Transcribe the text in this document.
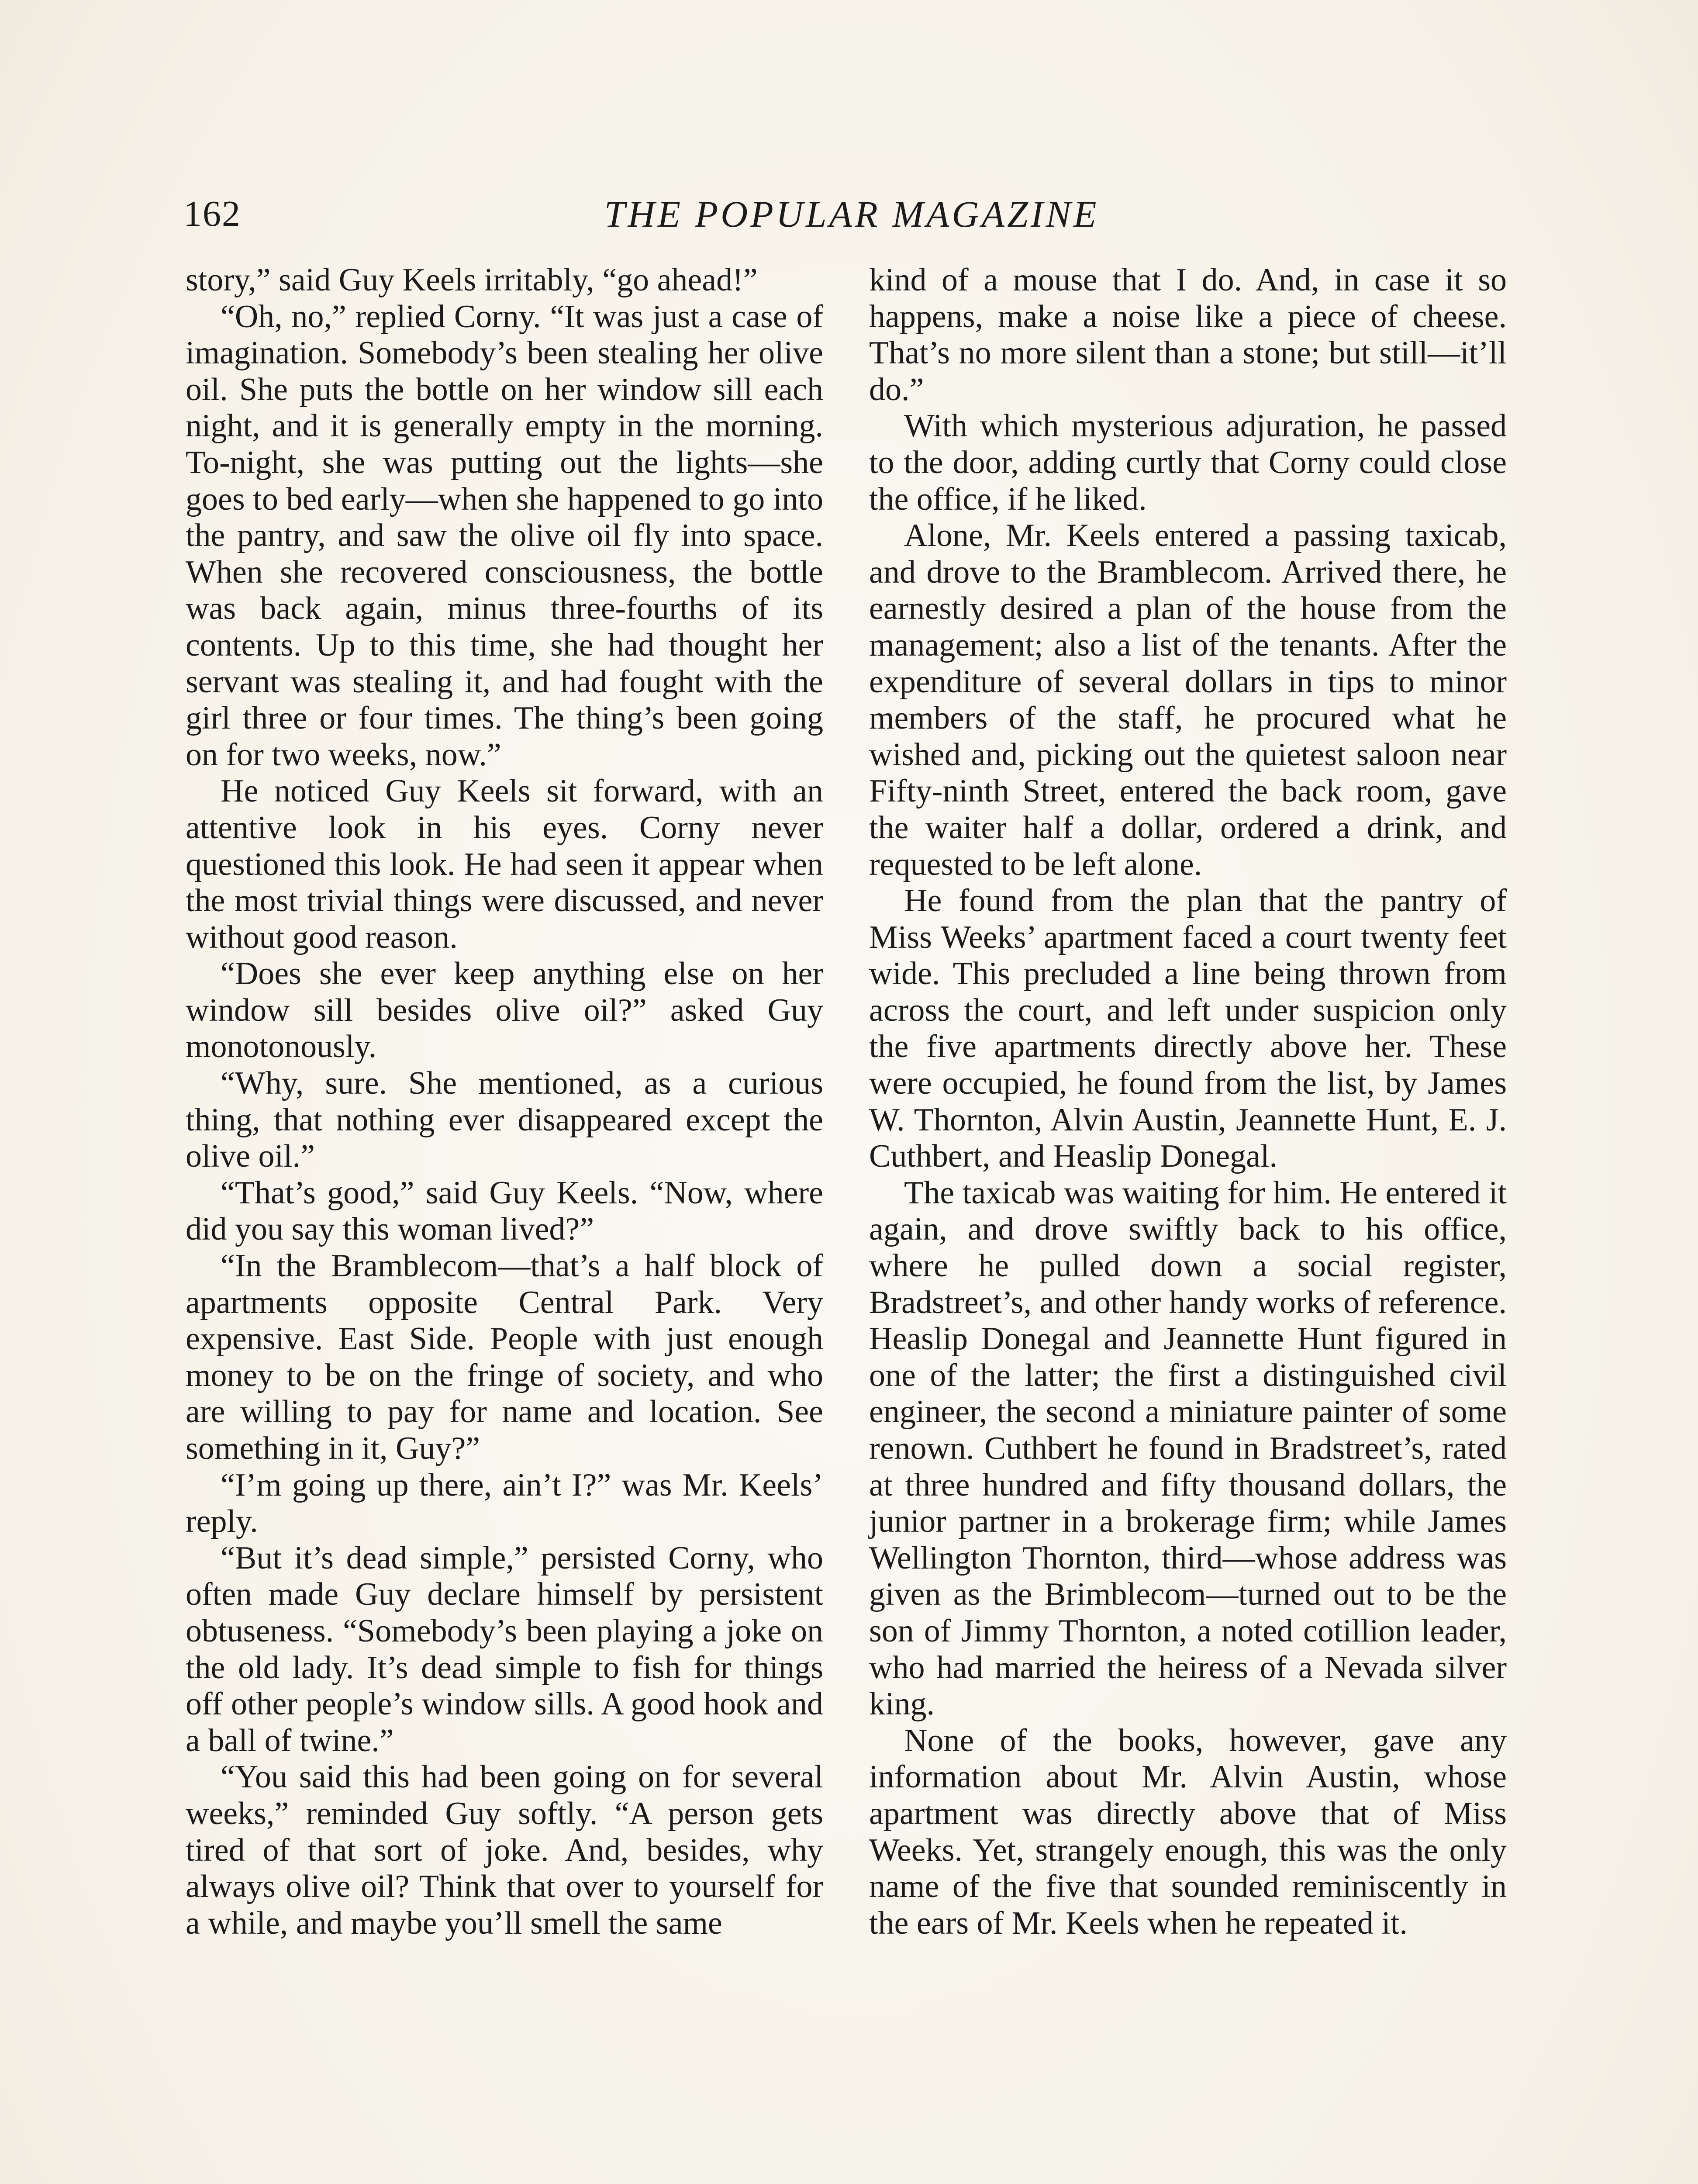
162	THE POPULAR MAGAZINE

story,” said Guy Keels irritably, “go ahead!”

“Oh, no,” replied Corny. “It was just a case of imagination. Somebody’s been stealing her olive oil. She puts the bottle on her window sill each night, and it is generally empty in the morning. To-night, she was putting out the lights—she goes to bed early—when she happened to go into the pantry, and saw the olive oil fly into space. When she recovered consciousness, the bottle was back again, minus three-fourths of its contents. Up to this time, she had thought her servant was stealing it, and had fought with the girl three or four times. The thing’s been going on for two weeks, now.”

He noticed Guy Keels sit forward, with an attentive look in his eyes. Corny never questioned this look. He had seen it appear when the most trivial things were discussed, and never without good reason.

“Does she ever keep anything else on her window sill besides olive oil?” asked Guy monotonously.

“Why, sure. She mentioned, as a curious thing, that nothing ever disappeared except the olive oil.”

“That’s good,” said Guy Keels. “Now, where did you say this woman lived?”

“In the Bramblecom—that’s a half block of apartments opposite Central Park. Very expensive. East Side. People with just enough money to be on the fringe of society, and who are willing to pay for name and location. See something in it, Guy?”

“I’m going up there, ain’t I?” was Mr. Keels’ reply.

“But it’s dead simple,” persisted Corny, who often made Guy declare himself by persistent obtuseness. “Somebody’s been playing a joke on the old lady. It’s dead simple to fish for things off other people’s window sills. A good hook and a ball of twine.”

“You said this had been going on for several weeks,” reminded Guy softly. “A person gets tired of that sort of joke. And, besides, why always olive oil? Think that over to yourself for a while, and maybe you’ll smell the same

kind of a mouse that I do. And, in case it so happens, make a noise like a piece of cheese. That’s no more silent than a stone; but still—it’ll do.”

With which mysterious adjuration, he passed to the door, adding curtly that Corny could close the office, if he liked.

Alone, Mr. Keels entered a passing taxicab, and drove to the Bramblecom. Arrived there, he earnestly desired a plan of the house from the management; also a list of the tenants. After the expenditure of several dollars in tips to minor members of the staff, he procured what he wished and, picking out the quietest saloon near Fifty-ninth Street, entered the back room, gave the waiter half a dollar, ordered a drink, and requested to be left alone.

He found from the plan that the pantry of Miss Weeks’ apartment faced a court twenty feet wide. This precluded a line being thrown from across the court, and left under suspicion only the five apartments directly above her. These were occupied, he found from the list, by James W. Thornton, Alvin Austin, Jeannette Hunt, E. J. Cuthbert, and Heaslip Donegal.

The taxicab was waiting for him. He entered it again, and drove swiftly back to his office, where he pulled down a social register, Bradstreet’s, and other handy works of reference. Heaslip Donegal and Jeannette Hunt figured in one of the latter; the first a distinguished civil engineer, the second a miniature painter of some renown. Cuthbert he found in Bradstreet’s, rated at three hundred and fifty thousand dollars, the junior partner in a brokerage firm; while James Wellington Thornton, third—whose address was given as the Brimblecom—turned out to be the son of Jimmy Thornton, a noted cotillion leader, who had married the heiress of a Nevada silver king.

None of the books, however, gave any information about Mr. Alvin Austin, whose apartment was directly above that of Miss Weeks. Yet, strangely enough, this was the only name of the five that sounded reminiscently in the ears of Mr. Keels when he repeated it.
